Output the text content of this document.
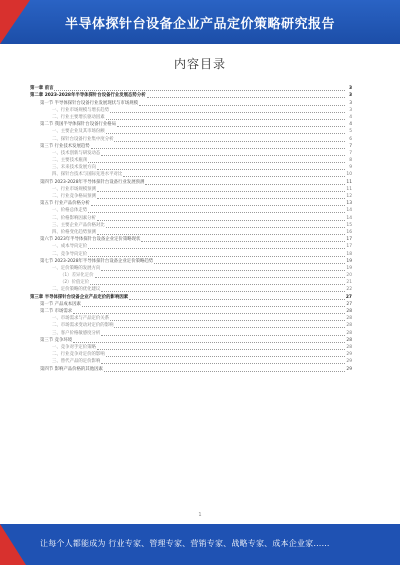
半导体探针台设备企业产品定价策略研究报告
内容目录
第一章 前言	3
第二章 2023-2028年半导体探针台设备行业发展态势分析	3
第一节 半导体探针台设备行业发展现状与市场规模	3
一、行业市场规模与增长趋势	3
二、行业主要增长驱动因素	4
第二节 我国半导体探针台设备行业格局	4
一、主要企业及其市场份额	5
二、探针台设备行业集中度分析	6
第三节 行业技术发展趋势	7
一、技术创新与研发动态	7
二、主要技术瓶颈	8
三、未来技术发展方向	9
四、探针台技术与国际先进水平对比	10
第四节 2023-2028年半导体探针台设备行业发展预测	11
一、行业市场规模预测	11
二、行业竞争格局预测	12
第五节 行业产品价格分析	13
一、价格总体走势	14
二、价格影响因素分析	14
三、主要企业产品价格对比	15
四、价格变化趋势预测	16
第六节 2023年半导体探针台设备企业定价策略现状	17
一、成本导向定价	17
二、竞争导向定价	18
第七节 2023-2028年半导体探针台设备企业定价策略趋势	19
一、定价策略的发展方向	19
（1）差异化定价	20
（2）价值定价	21
二、定价策略的优化建议	22
第三章 半导体探针台设备企业产品定价的影响因素	27
第一节 产品成本因素	27
第二节 市场需求	28
一、市场需求与产品定价关系	28
二、市场需求变动对定价的影响	28
三、客户价格敏感度分析	28
第三节 竞争环境	28
一、竞争对手定价策略	28
二、行业竞争对定价的影响	29
三、替代产品的定价影响	29
第四节 影响产品价格的其他因素	29
1
让每个人都能成为 行业专家、管理专家、营销专家、战略专家、成本企业家……
